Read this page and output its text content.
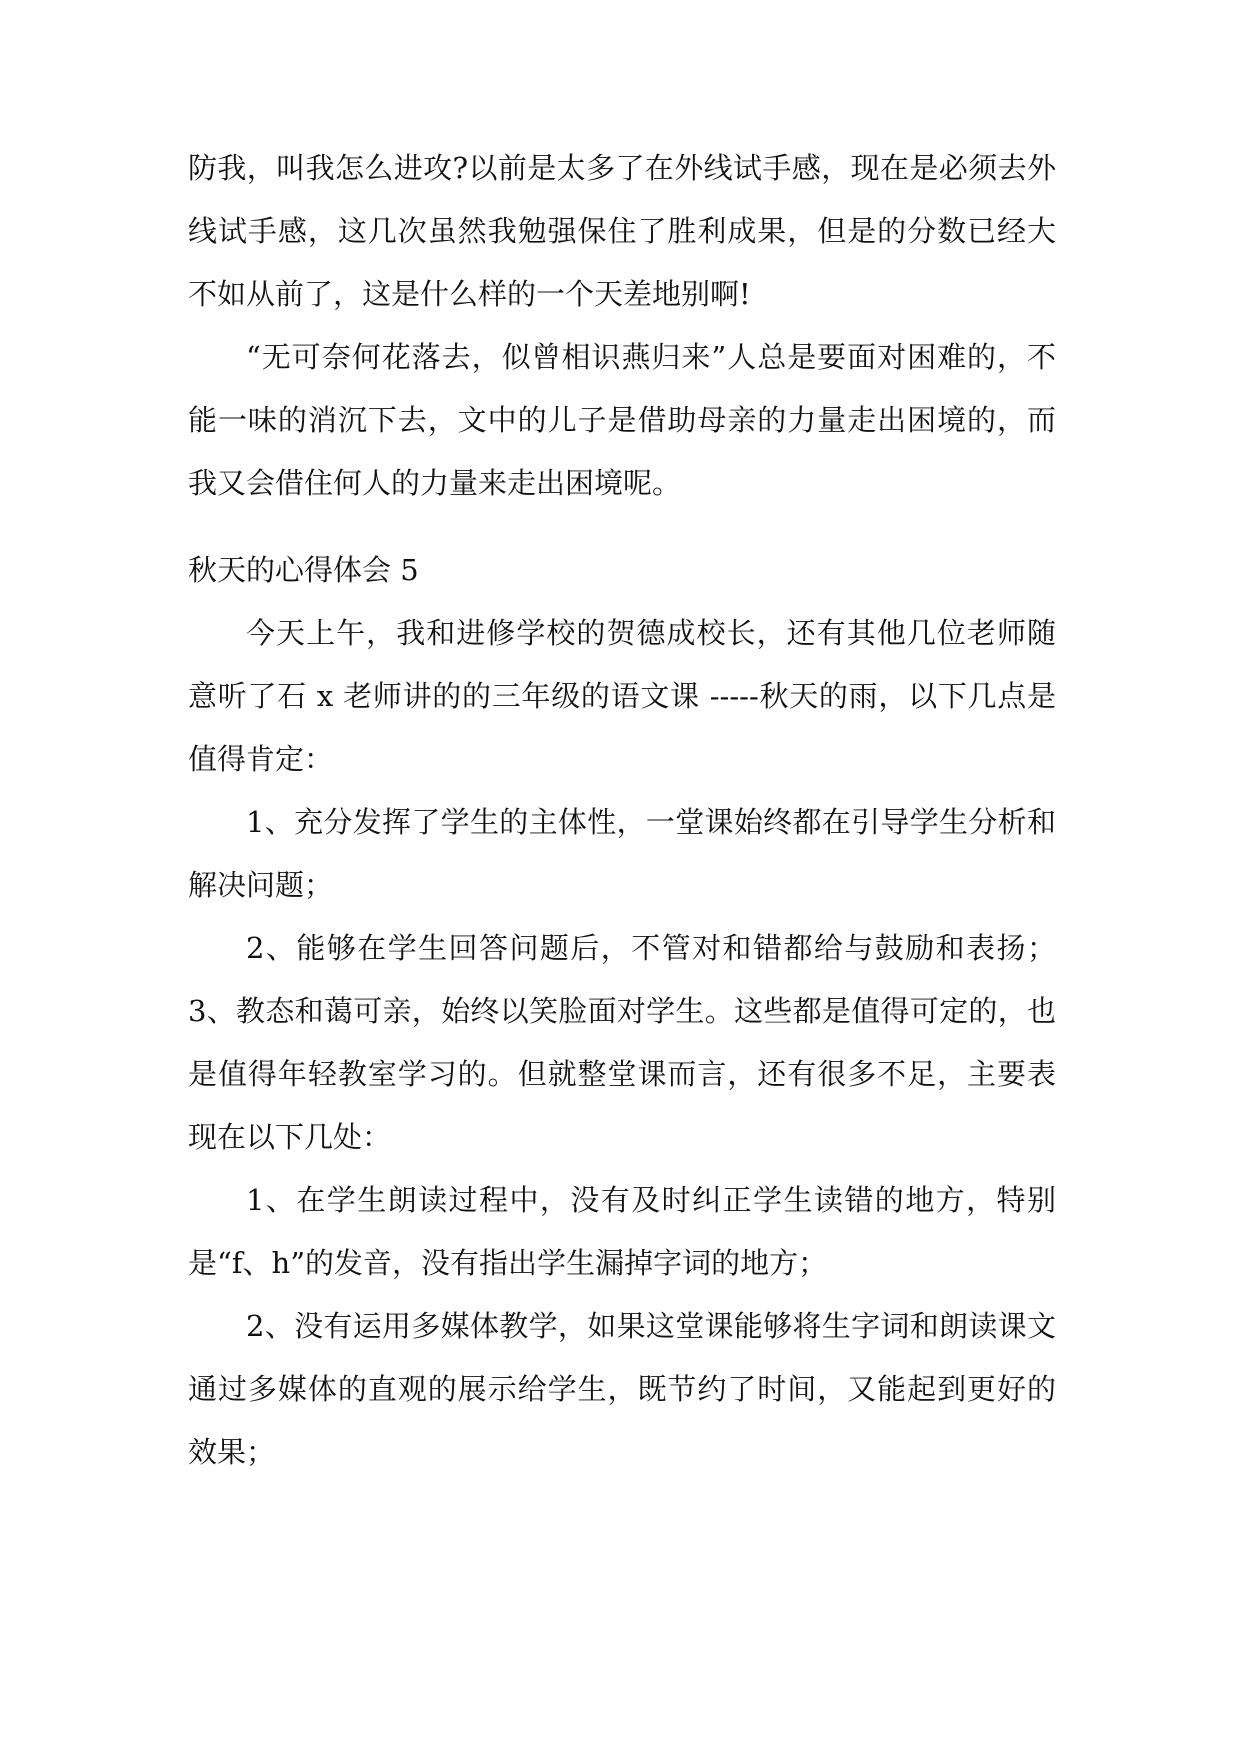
防我，叫我怎么进攻?以前是太多了在外线试手感，现在是必须去外线试手感，这几次虽然我勉强保住了胜利成果，但是的分数已经大不如从前了，这是什么样的一个天差地别啊!

“无可奈何花落去，似曾相识燕归来”人总是要面对困难的，不能一味的消沉下去，文中的儿子是借助母亲的力量走出困境的，而我又会借住何人的力量来走出困境呢。

秋天的心得体会 5

今天上午，我和进修学校的贺德成校长，还有其他几位老师随意听了石 x 老师讲的的三年级的语文课 -----秋天的雨，以下几点是值得肯定：

1、充分发挥了学生的主体性，一堂课始终都在引导学生分析和解决问题；

2、能够在学生回答问题后，不管对和错都给与鼓励和表扬；3、教态和蔼可亲，始终以笑脸面对学生。这些都是值得可定的，也是值得年轻教室学习的。但就整堂课而言，还有很多不足，主要表现在以下几处：

1、在学生朗读过程中，没有及时纠正学生读错的地方，特别是“f、h”的发音，没有指出学生漏掉字词的地方；

2、没有运用多媒体教学，如果这堂课能够将生字词和朗读课文通过多媒体的直观的展示给学生，既节约了时间，又能起到更好的效果；
